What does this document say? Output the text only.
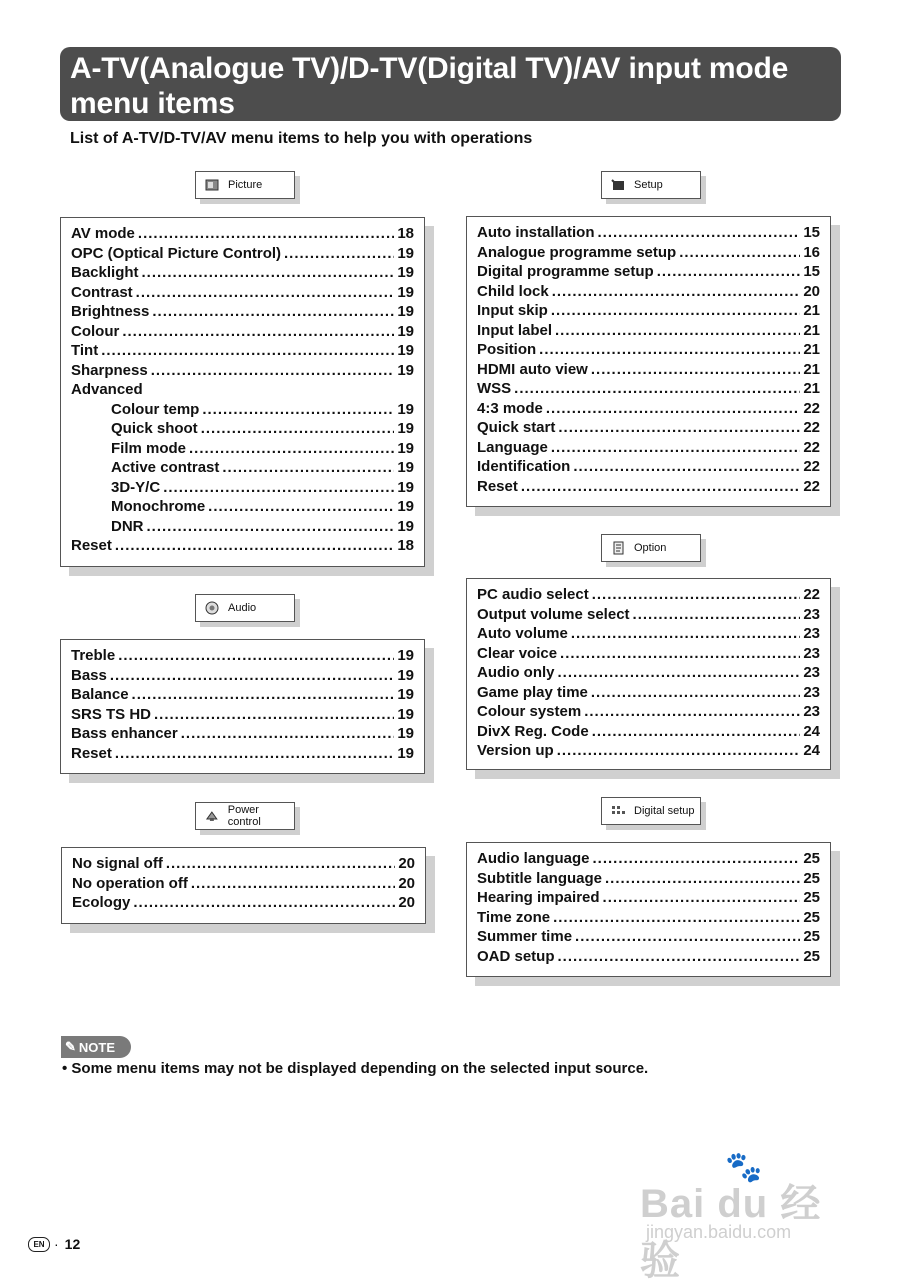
A-TV(Analogue TV)/D-TV(Digital TV)/AV input mode menu items
List of A-TV/D-TV/AV menu items to help you with operations
Picture
AV mode .....	18
OPC (Optical Picture Control) .....	19
Backlight .....	19
Contrast .....	19
Brightness .....	19
Colour .....	19
Tint .....	19
Sharpness .....	19
Advanced
Colour temp .....	19
Quick shoot .....	19
Film mode .....	19
Active contrast .....	19
3D-Y/C .....	19
Monochrome .....	19
DNR .....	19
Reset .....	18
Audio
Treble .....	19
Bass .....	19
Balance .....	19
SRS TS HD .....	19
Bass enhancer .....	19
Reset .....	19
Power control
No signal off .....	20
No operation off .....	20
Ecology .....	20
Setup
Auto installation .....	15
Analogue programme setup .....	16
Digital programme setup .....	15
Child lock .....	20
Input skip .....	21
Input label .....	21
Position .....	21
HDMI auto view .....	21
WSS .....	21
4:3 mode .....	22
Quick start .....	22
Language .....	22
Identification .....	22
Reset .....	22
Option
PC audio select .....	22
Output volume select .....	23
Auto volume .....	23
Clear voice .....	23
Audio only .....	23
Game play time .....	23
Colour system .....	23
DivX Reg. Code .....	24
Version up .....	24
Digital setup
Audio language .....	25
Subtitle language .....	25
Hearing impaired .....	25
Time zone .....	25
Summer time .....	25
OAD setup .....	25
✎ NOTE
• Some menu items may not be displayed depending on the selected input source.
🐾
Bai du 经验
jingyan.baidu.com
EN · 12
